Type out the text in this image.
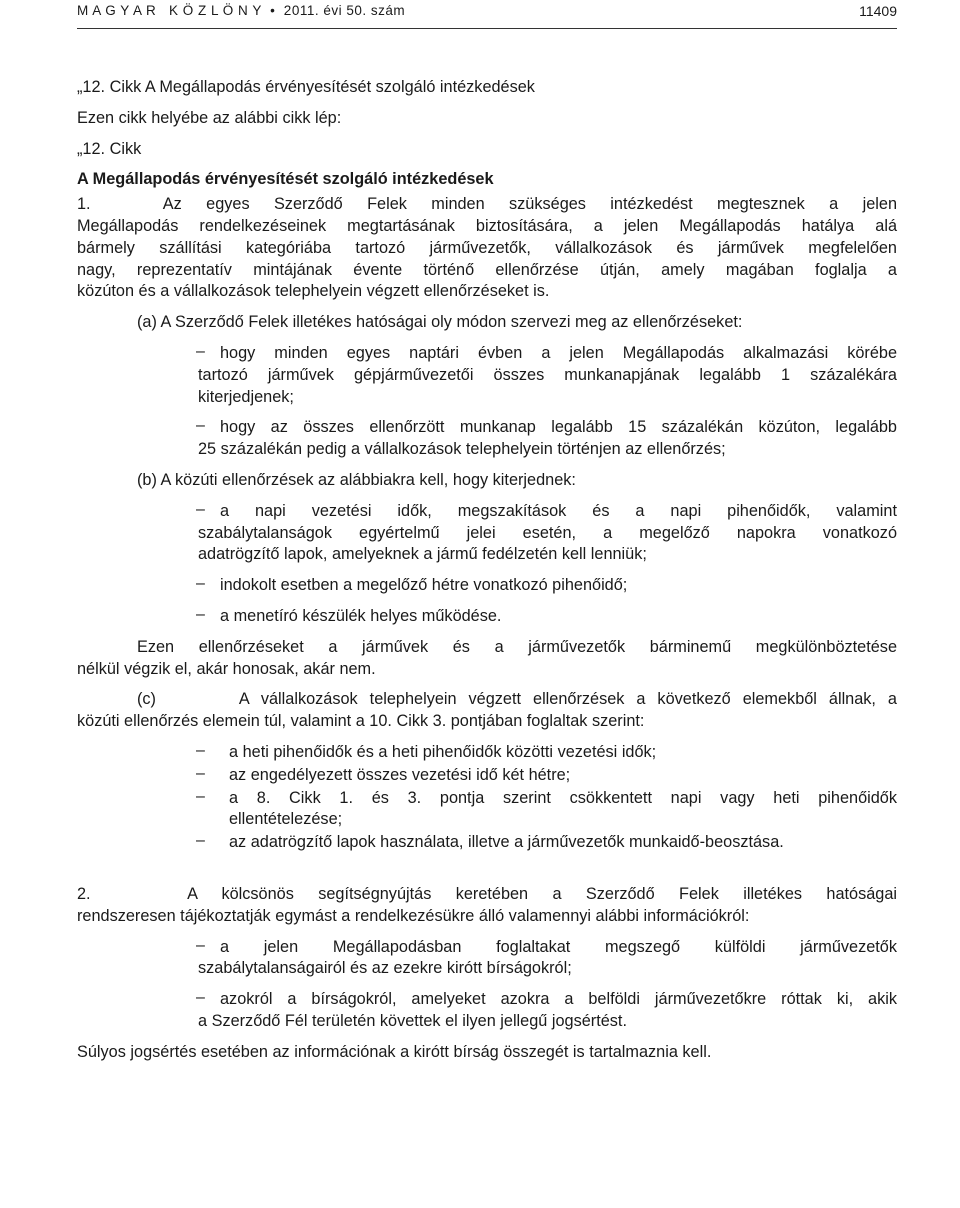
M A G Y A R   K Ö Z L Ö N Y  •  2011. évi 50. szám	11409

„12. Cikk A Megállapodás érvényesítését szolgáló intézkedések

Ezen cikk helyébe az alábbi cikk lép:

„12. Cikk

A Megállapodás érvényesítését szolgáló intézkedések

1.   Az egyes Szerződő Felek minden szükséges intézkedést megtesznek a jelen

Megállapodás rendelkezéseinek megtartásának biztosítására, a jelen Megállapodás hatálya alá

bármely szállítási kategóriába tartozó járművezetők, vállalkozások és járművek megfelelően

nagy, reprezentatív mintájának évente történő ellenőrzése útján, amely magában foglalja a

közúton és a vállalkozások telephelyein végzett ellenőrzéseket is.

(a) A Szerződő Felek illetékes hatóságai oly módon szervezi meg az ellenőrzéseket:

– hogy minden egyes naptári évben a jelen Megállapodás alkalmazási körébe

tartozó járművek gépjárművezetői összes munkanapjának legalább 1 százalékára

kiterjedjenek;

– hogy az összes ellenőrzött munkanap legalább 15 százalékán közúton, legalább

25 százalékán pedig a vállalkozások telephelyein történjen az ellenőrzés;

(b) A közúti ellenőrzések az alábbiakra kell, hogy kiterjednek:

– a napi vezetési idők, megszakítások és a napi pihenőidők, valamint

szabálytalanságok egyértelmű jelei esetén, a megelőző napokra vonatkozó

adatrögzítő lapok, amelyeknek a jármű fedélzetén kell lenniük;

– indokolt esetben a megelőző hétre vonatkozó pihenőidő;

– a menetíró készülék helyes működése.

Ezen ellenőrzéseket a járművek és a járművezetők bárminemű megkülönböztetése

nélkül végzik el, akár honosak, akár nem.

(c)       A vállalkozások telephelyein végzett ellenőrzések a következő elemekből állnak, a

közúti ellenőrzés elemein túl, valamint a 10. Cikk 3. pontjában foglaltak szerint:

– a heti pihenőidők és a heti pihenőidők közötti vezetési idők;

– az engedélyezett összes vezetési idő két hétre;

– a 8. Cikk 1. és 3. pontja szerint csökkentett napi vagy heti pihenőidők

ellentételezése;

– az adatrögzítő lapok használata, illetve a járművezetők munkaidő-beosztása.

2.    A kölcsönös segítségnyújtás keretében a Szerződő Felek illetékes hatóságai

rendszeresen tájékoztatják egymást a rendelkezésükre álló valamennyi alábbi információkról:

– a jelen Megállapodásban foglaltakat megszegő külföldi járművezetők

szabálytalanságairól és az ezekre kirótt bírságokról;

– azokról a bírságokról, amelyeket azokra a belföldi járművezetőkre róttak ki, akik

a Szerződő Fél területén követtek el ilyen jellegű jogsértést.

Súlyos jogsértés esetében az információnak a kirótt bírság összegét is tartalmaznia kell.
